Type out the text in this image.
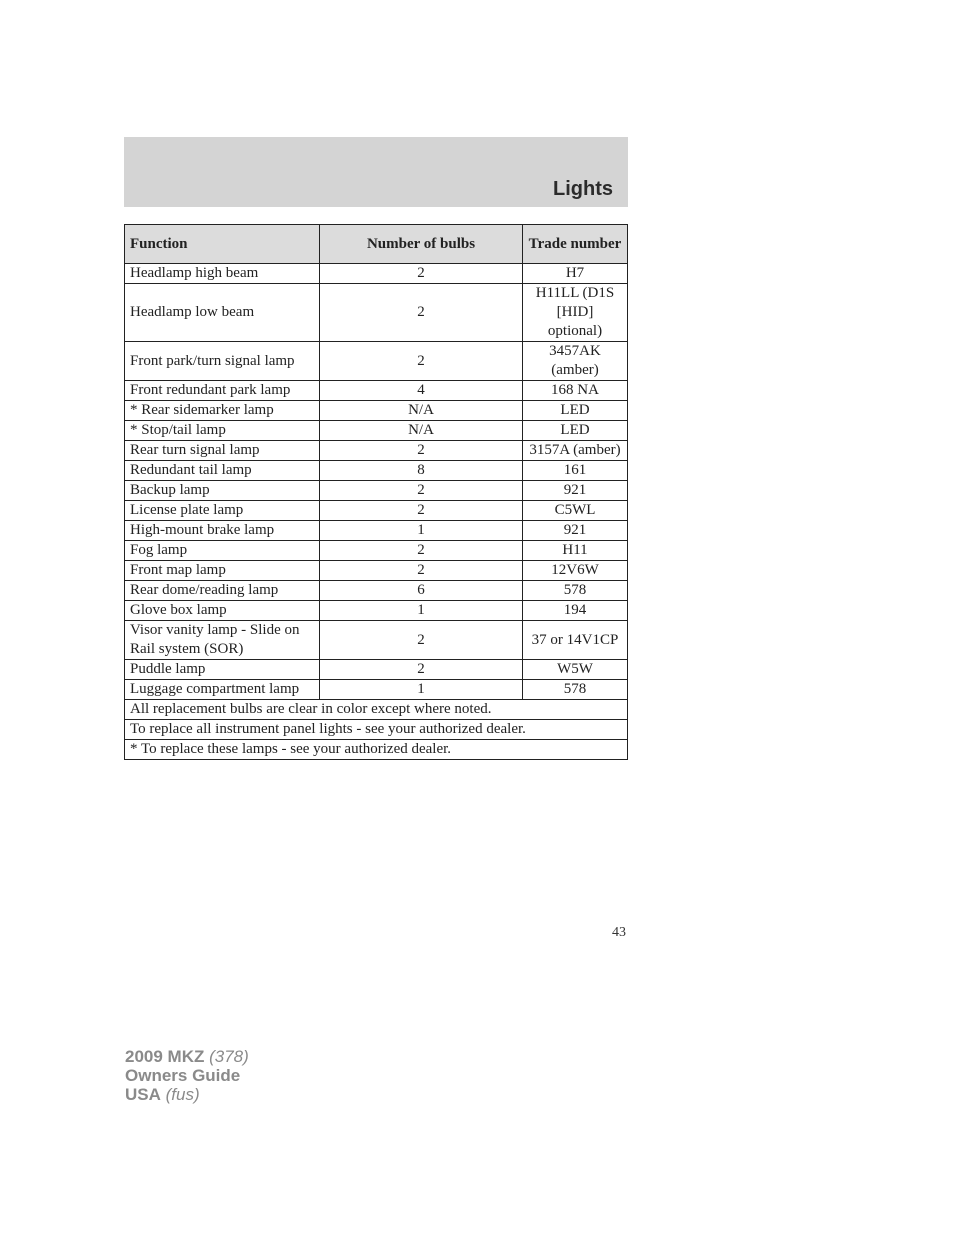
Lights
Function	Number of bulbs	Trade number
Headlamp high beam	2	H7
Headlamp low beam	2	H11LL (D1S [HID] optional)
Front park/turn signal lamp	2	3457AK (amber)
Front redundant park lamp	4	168 NA
* Rear sidemarker lamp	N/A	LED
* Stop/tail lamp	N/A	LED
Rear turn signal lamp	2	3157A (amber)
Redundant tail lamp	8	161
Backup lamp	2	921
License plate lamp	2	C5WL
High-mount brake lamp	1	921
Fog lamp	2	H11
Front map lamp	2	12V6W
Rear dome/reading lamp	6	578
Glove box lamp	1	194
Visor vanity lamp - Slide on Rail system (SOR)	2	37 or 14V1CP
Puddle lamp	2	W5W
Luggage compartment lamp	1	578
All replacement bulbs are clear in color except where noted.		
To replace all instrument panel lights - see your authorized dealer.		
* To replace these lamps - see your authorized dealer.		
43
2009 MKZ (378)
Owners Guide
USA (fus)
